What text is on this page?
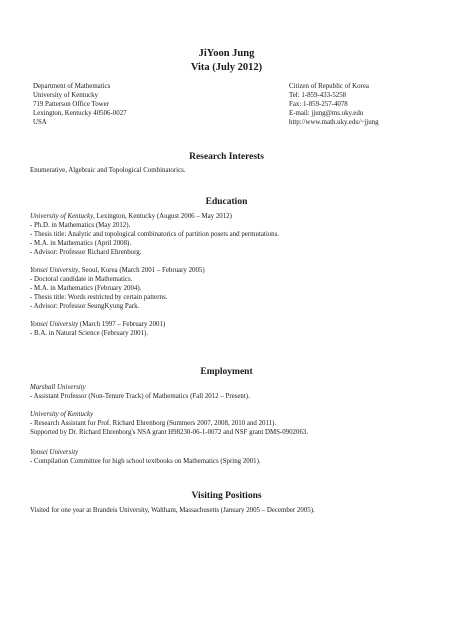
JiYoon Jung
Vita (July 2012)
Department of Mathematics
University of Kentucky
719 Patterson Office Tower
Lexington, Kentucky 40506-0027
USA
Citizen of Republic of Korea
Tel: 1-859-433-5258
Fax: 1-859-257-4078
E-mail: jjung@ms.uky.edu
http://www.math.uky.edu/~jjung
Research Interests
Enumerative, Algebraic and Topological Combinatorics.
Education
University of Kentucky, Lexington, Kentucky (August 2006 – May 2012)
- Ph.D. in Mathematics (May 2012).
- Thesis title: Analytic and topological combinatorics of partition posets and permutations.
- M.A. in Mathematics (April 2008).
- Advisor: Professor Richard Ehrenborg.
Yonsei University, Seoul, Korea (March 2001 – February 2005)
- Doctoral candidate in Mathematics.
- M.A. in Mathematics (February 2004).
- Thesis title: Words restricted by certain patterns.
- Advisor: Professor SeungKyung Park.
Yonsei University (March 1997 – February 2001)
- B.A. in Natural Science (February 2001).
Employment
Marshall University
- Assistant Professor (Non-Tenure Track) of Mathematics (Fall 2012 – Present).
University of Kentucky
- Research Assistant for Prof. Richard Ehrenborg (Summers 2007, 2008, 2010 and 2011).
Supported by Dr. Richard Ehrenborg's NSA grant H98230-06-1-0072 and NSF grant DMS-0902063.
Yonsei University
- Compilation Committee for high school textbooks on Mathematics (Spring 2001).
Visiting Positions
Visited for one year at Brandeis University, Waltham, Massachusetts (January 2005 – December 2005).
